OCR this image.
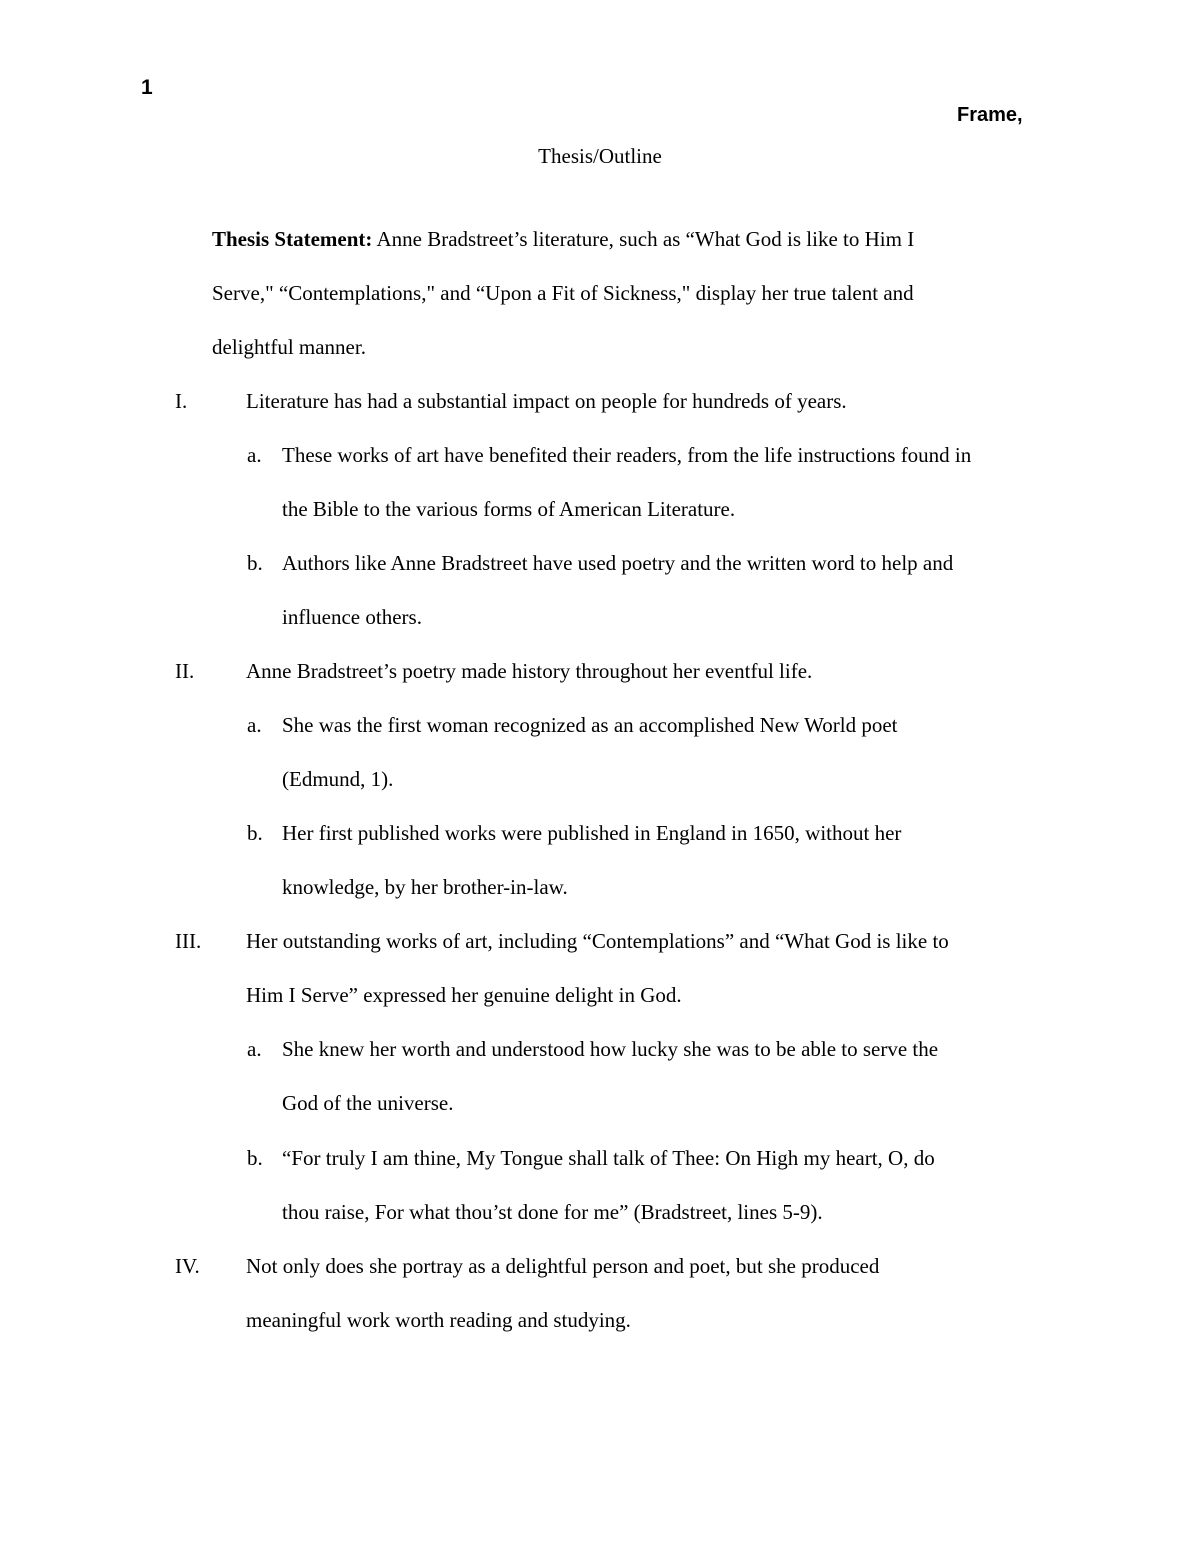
1
Frame,
Thesis/Outline
Thesis Statement: Anne Bradstreet’s literature, such as “What God is like to Him I
Serve," “Contemplations," and “Upon a Fit of Sickness," display her true talent and
delightful manner.
I.	Literature has had a substantial impact on people for hundreds of years.
a. These works of art have benefited their readers, from the life instructions found in
the Bible to the various forms of American Literature.
b. Authors like Anne Bradstreet have used poetry and the written word to help and
influence others.
II. Anne Bradstreet’s poetry made history throughout her eventful life.
a. She was the first woman recognized as an accomplished New World poet
(Edmund, 1).
b. Her first published works were published in England in 1650, without her
knowledge, by her brother-in-law.
III. Her outstanding works of art, including “Contemplations” and “What God is like to
Him I Serve” expressed her genuine delight in God.
a. She knew her worth and understood how lucky she was to be able to serve the
God of the universe.
b. “For truly I am thine, My Tongue shall talk of Thee: On High my heart, O, do
thou raise, For what thou’st done for me” (Bradstreet, lines 5-9).
IV. Not only does she portray as a delightful person and poet, but she produced
meaningful work worth reading and studying.
